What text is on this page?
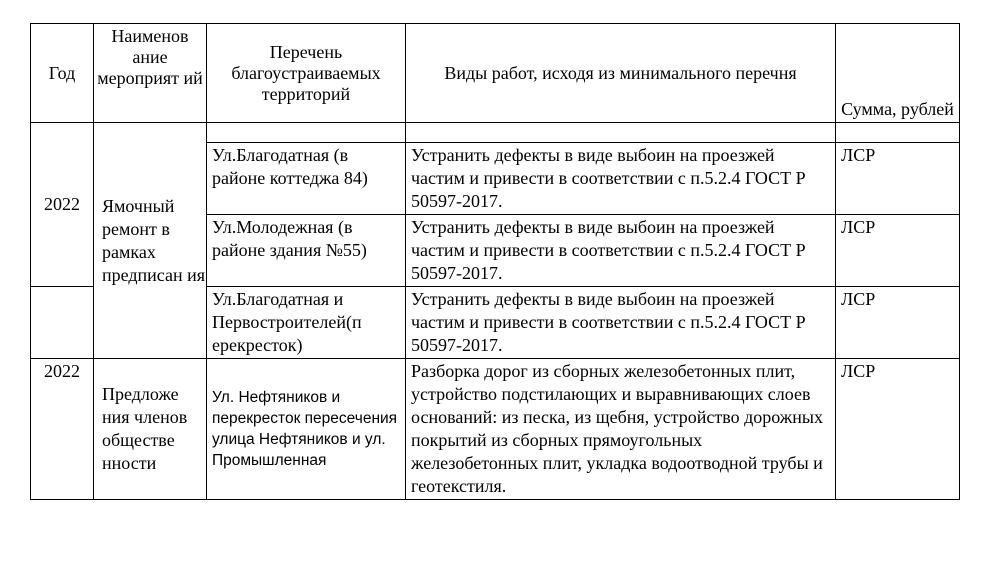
Год	Наименов ание мероприят ий	Перечень благоустраиваемых территорий	Виды работ, исходя из минимального перечня	Сумма, рублей
2022	Ямочный ремонт в рамках предписан ия			
		Ул.Благодатная (в районе коттеджа 84)	Устранить дефекты в виде выбоин на проезжей частим и привести в соответствии с п.5.2.4 ГОСТ Р 50597-2017.	ЛСР
		Ул.Молодежная (в районе здания №55)	Устранить дефекты в виде выбоин на проезжей частим и привести в соответствии с п.5.2.4 ГОСТ Р 50597-2017.	ЛСР
		Ул.Благодатная и Первостроителей(п ерекресток)	Устранить дефекты в виде выбоин на проезжей частим и привести в соответствии с п.5.2.4 ГОСТ Р 50597-2017.	ЛСР
2022	Предложе ния членов обществе нности	Ул. Нефтяников и перекресток пересечения улица Нефтяников и ул. Промышленная	Разборка дорог из сборных железобетонных плит, устройство подстилающих и выравнивающих слоев оснований: из песка, из щебня, устройство дорожных покрытий из сборных прямоугольных железобетонных плит, укладка водоотводной трубы и геотекстиля.	ЛСР
